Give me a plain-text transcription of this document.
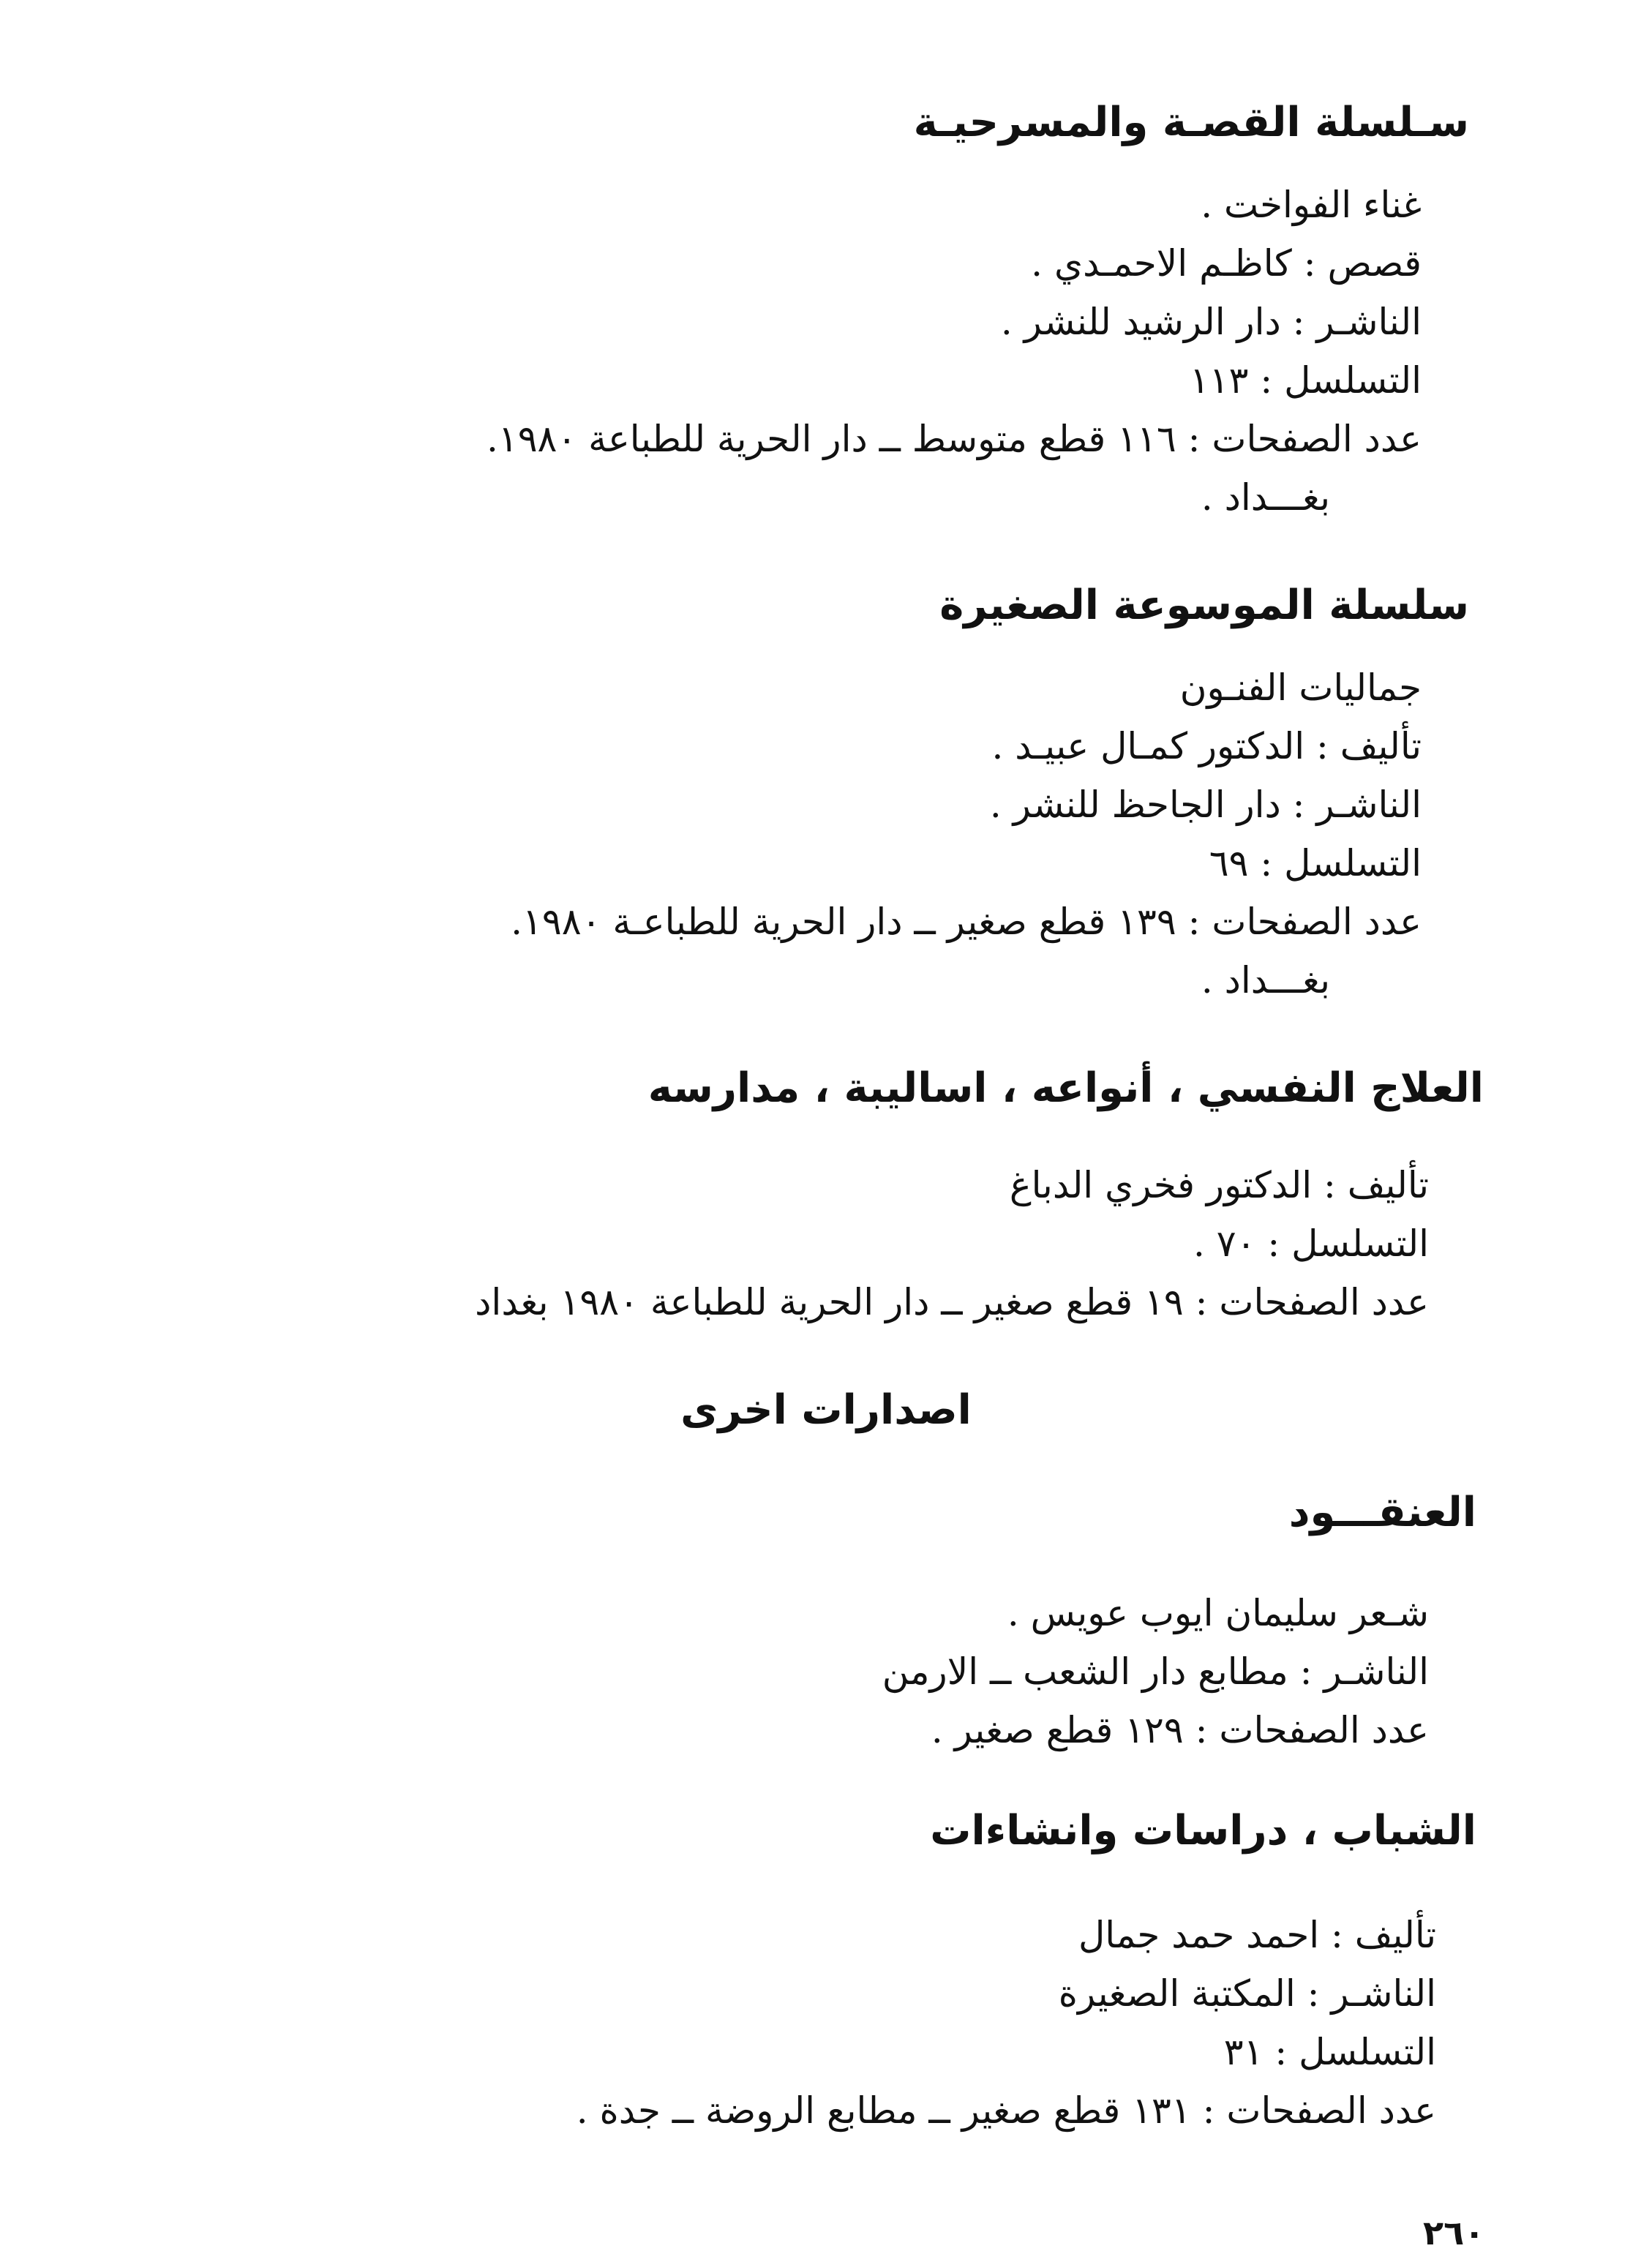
سـلسلة القصـة والمسرحيـة
غناء الفواخت .
قصص : كاظـم الاحمـدي .
الناشـر : دار الرشيد للنشر .
التسلسل : ١١٣
عدد الصفحات : ١١٦ قطع متوسط ــ دار الحرية للطباعة ١٩٨٠.
بغـــداد .
سلسلة الموسوعة الصغيرة
جماليات الفنـون
تأليف : الدكتور كمـال عبيـد .
الناشـر : دار الجاحظ للنشر .
التسلسل : ٦٩
عدد الصفحات : ١٣٩ قطع صغير ــ دار الحرية للطباعـة ١٩٨٠.
بغـــداد .
العلاج النفسي ، أنواعه ، اساليبة ، مدارسه
تأليف : الدكتور فخري الدباغ
التسلسل : ٧٠ .
عدد الصفحات : ١٩ قطع صغير ــ دار الحرية للطباعة ١٩٨٠ بغداد
اصدارات اخرى
العنقـــود
شـعر سليمان ايوب عويس .
الناشـر : مطابع دار الشعب ــ الارمن
عدد الصفحات : ١٢٩ قطع صغير .
الشباب ، دراسات وانشاءات
تأليف : احمد حمد جمال
الناشـر : المكتبة الصغيرة
التسلسل : ٣١
عدد الصفحات : ١٣١ قطع صغير ــ مطابع الروضة ــ جدة .
٢٦٠
